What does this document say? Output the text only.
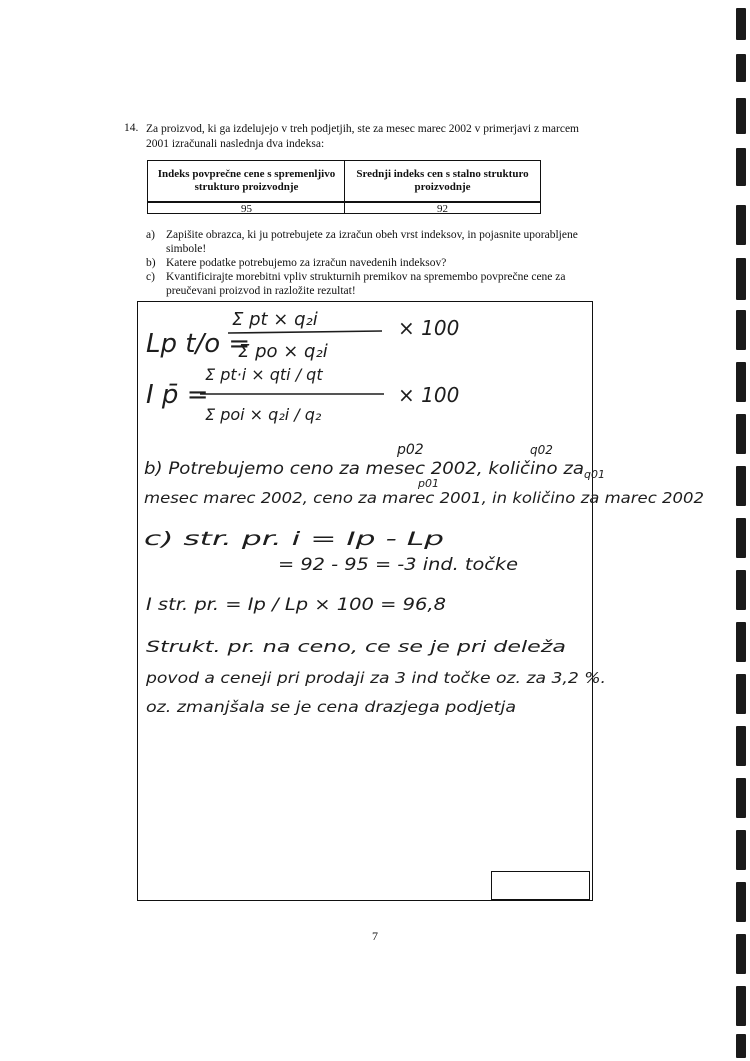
14. Za proizvod, ki ga izdelujejo v treh podjetjih, ste za mesec marec 2002 v primerjavi z marcem 2001 izračunali naslednja dva indeksa:
Indeks povprečne cene s spremenljivo strukturo proizvodnje
Srednji indeks cen s stalno strukturo proizvodnje
95	92
a) Zapišite obrazca, ki ju potrebujete za izračun obeh vrst indeksov, in pojasnite uporabljene simbole!
b) Katere podatke potrebujemo za izračun navedenih indeksov?
c) Kvantificirajte morebitni vpliv strukturnih premikov na spremembo povprečne cene za preučevani proizvod in razložite rezultat!
Lp t/o =
Σ pt × q₂i
Σ po × q₂i
× 100
I p̄ =
Σ pt·i × qti / qt
Σ poi × q₂i / q₂
× 100
p02	q02
p01
q01
b) Potrebujemo ceno za mesec 2002, količino za
mesec marec 2002, ceno za marec 2001, in količino za marec 2002
c) str. pr. i = Ip - Lp
= 92 - 95 = -3 ind. točke
I str. pr. = Ip / Lp × 100 = 96,8
Strukt. pr. na ceno, ce se je pri deleža
povod a ceneji pri prodaji za 3 ind točke oz. za 3,2 %.
oz. zmanjšala se je cena drazjega podjetja
7
